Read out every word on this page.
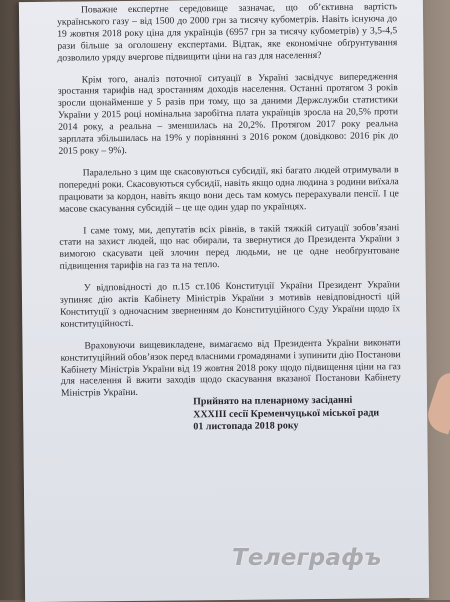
Поважне експертне середовище зазначає, що об’єктивна вартість українського газу – від 1500 до 2000 грн за тисячу кубометрів. Навіть існуюча до 19 жовтня 2018 року ціна для українців (6957 грн за тисячу кубометрів) у 3,5-4,5 рази більше за оголошену експертами. Відтак, яке економічне обґрунтування дозволило уряду вчергове підвищити ціни на газ для населення?

Крім того, аналіз поточної ситуації в Україні засвідчує випередження зростання тарифів над зростанням доходів населення. Останні протягом 3 років зросли щонайменше у 5 разів при тому, що за даними Держслужби статистики України у 2015 році номінальна заробітна плата українців зросла на 20,5% проти 2014 року, а реальна – зменшилась на 20,2%. Протягом 2017 року реальна зарплата збільшилась на 19% у порівнянні з 2016 роком (довідково: 2016 рік до 2015 року – 9%).

Паралельно з цим ще скасовуються субсидії, які багато людей отримували в попередні роки. Скасовуються субсидії, навіть якщо одна людина з родини виїхала працювати за кордон, навіть якщо вони десь там комусь перерахували пенсії. І це масове скасування субсидій – це ще один удар по українцях.

І саме тому, ми, депутатів всіх рівнів, в такій тяжкій ситуації зобов’язані стати на захист людей, що нас обирали, та звернутися до Президента України з вимогою скасувати цей злочин перед людьми, не це одне необґрунтоване підвищення тарифів на газ та на тепло.

У відповідності до п.15 ст.106 Конституції України Президент України зупиняє дію актів Кабінету Міністрів України з мотивів невідповідності цій Конституції з одночасним зверненням до Конституційного Суду України щодо їх конституційності.

Враховуючи вищевикладене, вимагаємо від Президента України виконати конституційний обов’язок перед власними громадянами і зупинити дію Постанови Кабінету Міністрів України від 19 жовтня 2018 року щодо підвищення ціни на газ для населення й вжити заходів щодо скасування вказаної Постанови Кабінету Міністрів України.

Прийнято на пленарному засіданні
XXXIII сесії Кременчуцької міської ради
01 листопада 2018 року
Телеграфъ
